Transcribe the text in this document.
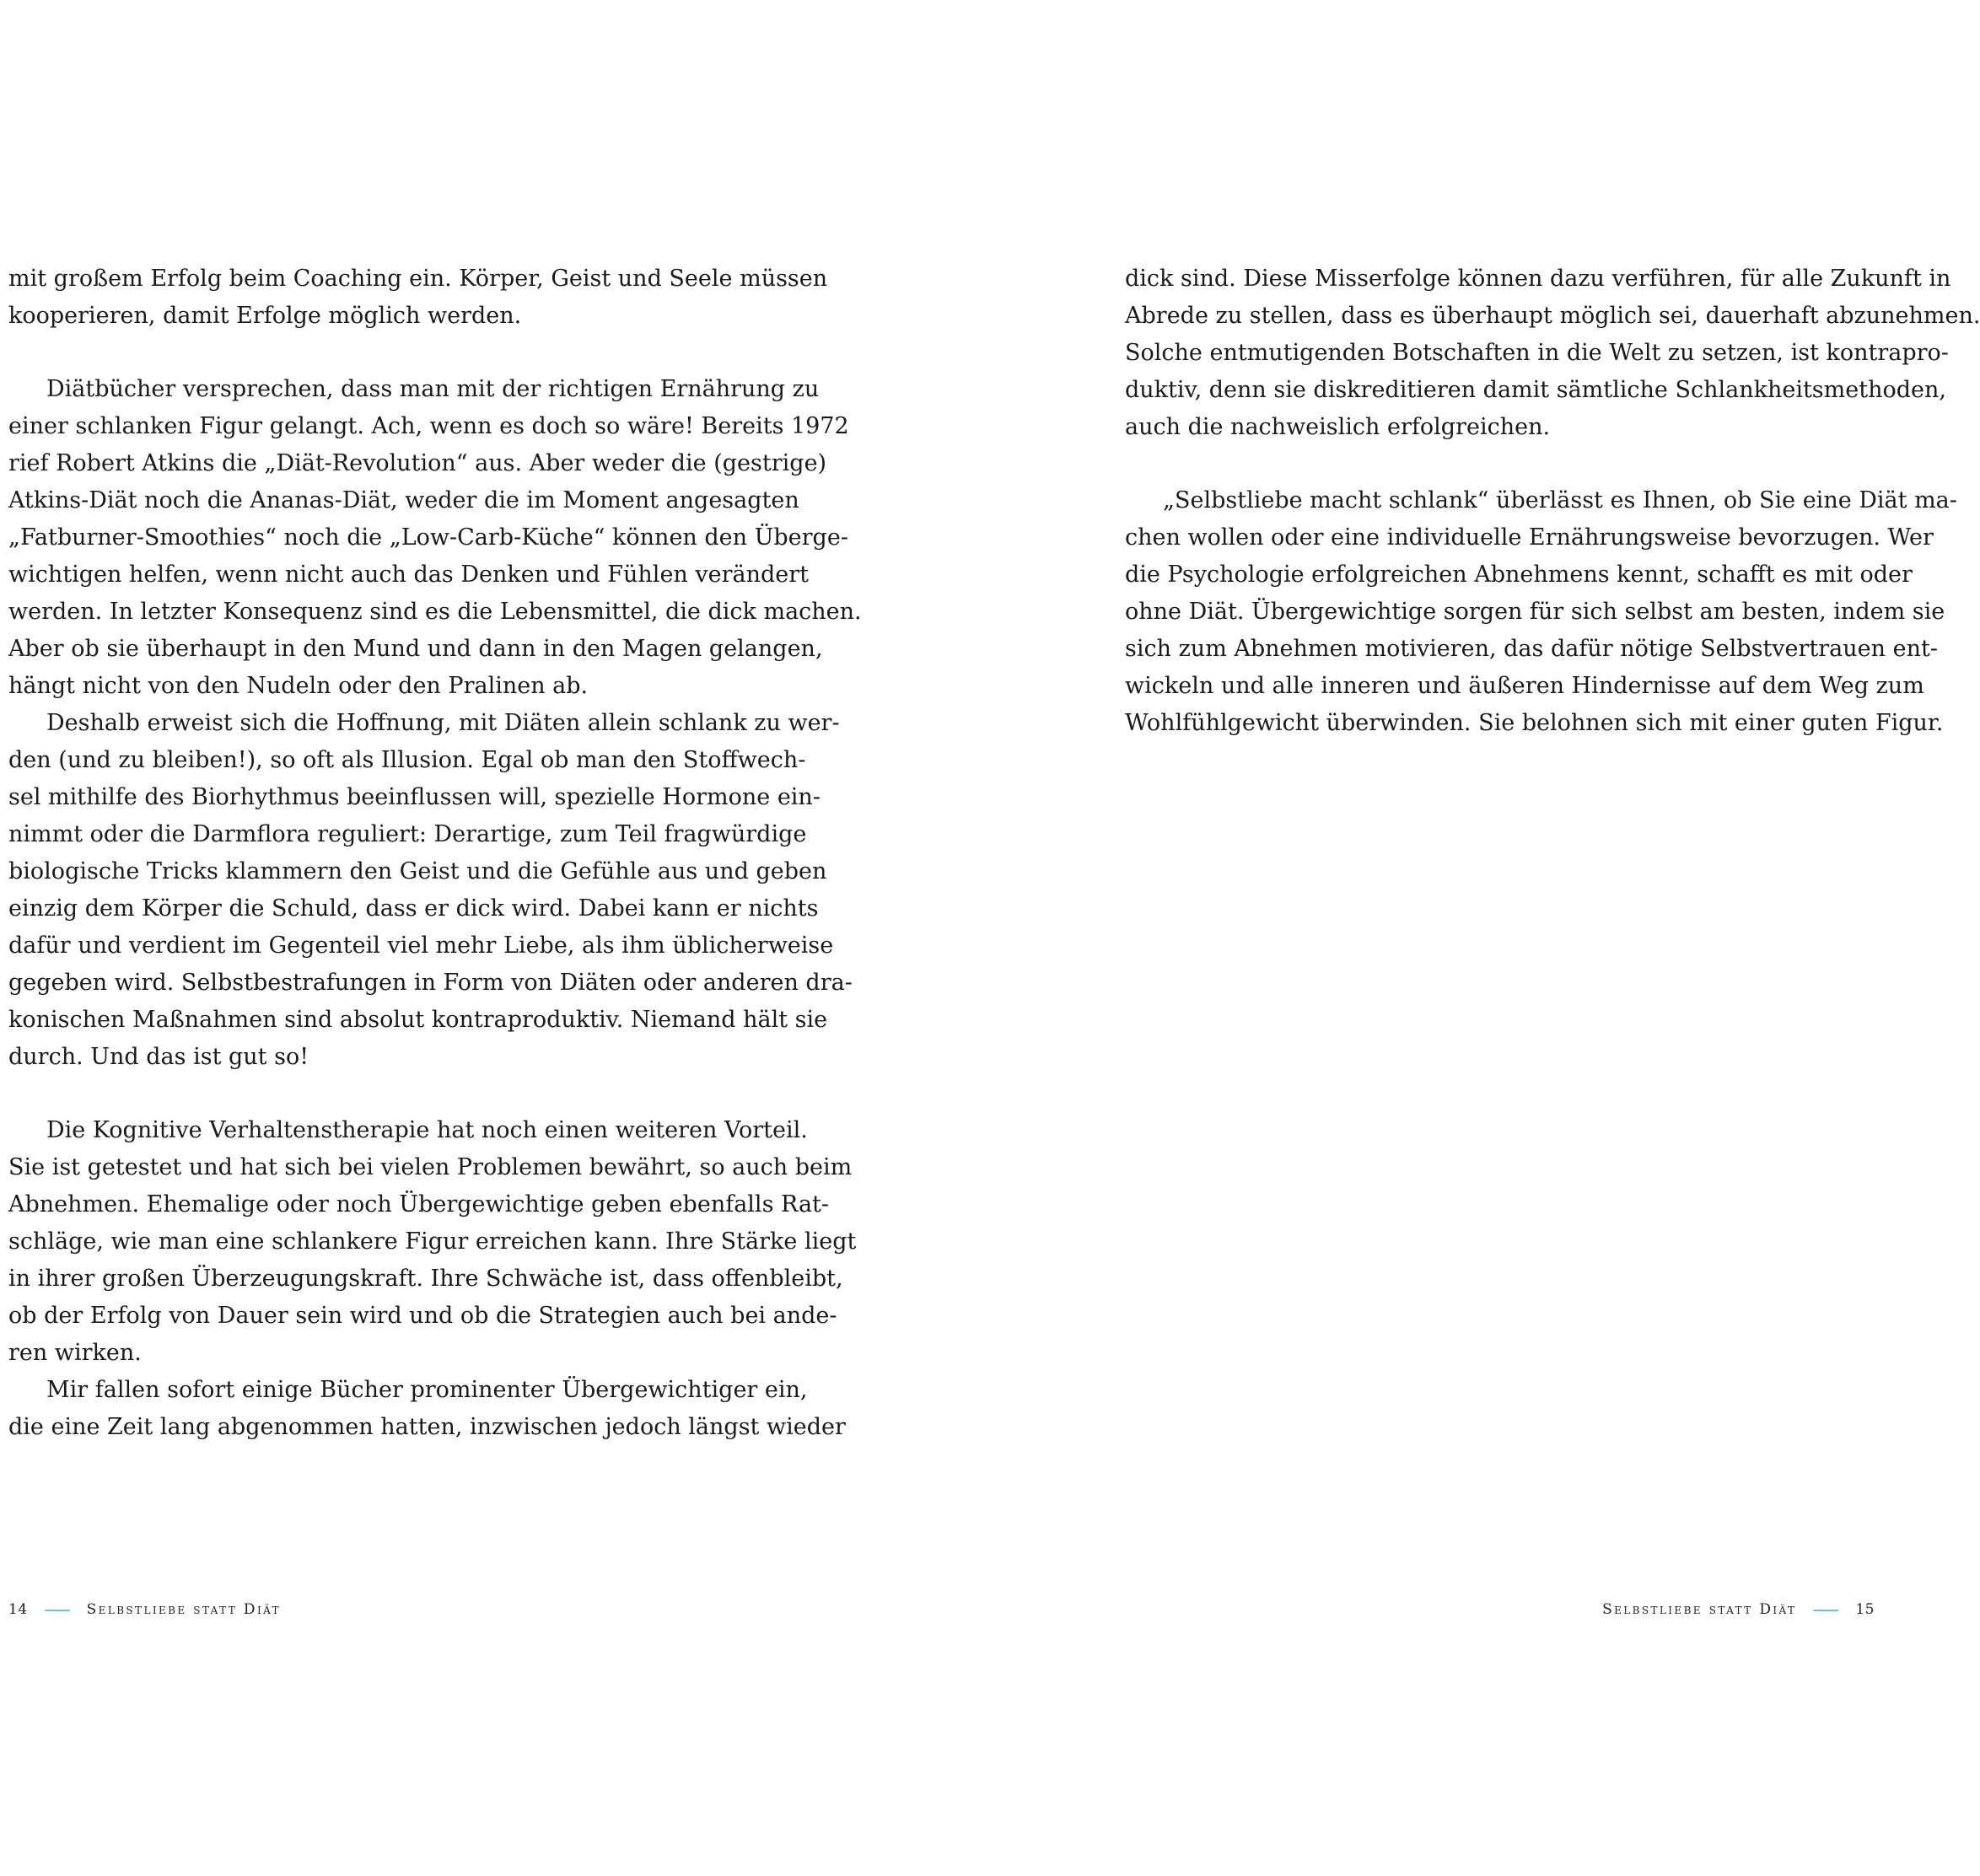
mit großem Erfolg beim Coaching ein. Körper, Geist und Seele müssen
kooperieren, damit Erfolge möglich werden.
Diätbücher versprechen, dass man mit der richtigen Ernährung zu
einer schlanken Figur gelangt. Ach, wenn es doch so wäre! Bereits 1972
rief Robert Atkins die „Diät-Revolution“ aus. Aber weder die (gestrige)
Atkins-Diät noch die Ananas-Diät, weder die im Moment angesagten
„Fatburner-Smoothies“ noch die „Low-Carb-Küche“ können den Überge-
wichtigen helfen, wenn nicht auch das Denken und Fühlen verändert
werden. In letzter Konsequenz sind es die Lebensmittel, die dick machen.
Aber ob sie überhaupt in den Mund und dann in den Magen gelangen,
hängt nicht von den Nudeln oder den Pralinen ab.
Deshalb erweist sich die Hoffnung, mit Diäten allein schlank zu wer-
den (und zu bleiben!), so oft als Illusion. Egal ob man den Stoffwech-
sel mithilfe des Biorhythmus beeinflussen will, spezielle Hormone ein-
nimmt oder die Darmflora reguliert: Derartige, zum Teil fragwürdige
biologische Tricks klammern den Geist und die Gefühle aus und geben
einzig dem Körper die Schuld, dass er dick wird. Dabei kann er nichts
dafür und verdient im Gegenteil viel mehr Liebe, als ihm üblicherweise
gegeben wird. Selbstbestrafungen in Form von Diäten oder anderen dra-
konischen Maßnahmen sind absolut kontraproduktiv. Niemand hält sie
durch. Und das ist gut so!
Die Kognitive Verhaltenstherapie hat noch einen weiteren Vorteil.
Sie ist getestet und hat sich bei vielen Problemen bewährt, so auch beim
Abnehmen. Ehemalige oder noch Übergewichtige geben ebenfalls Rat-
schläge, wie man eine schlankere Figur erreichen kann. Ihre Stärke liegt
in ihrer großen Überzeugungskraft. Ihre Schwäche ist, dass offenbleibt,
ob der Erfolg von Dauer sein wird und ob die Strategien auch bei ande-
ren wirken.
Mir fallen sofort einige Bücher prominenter Übergewichtiger ein,
die eine Zeit lang abgenommen hatten, inzwischen jedoch längst wieder
14	Selbstliebe statt Diät
dick sind. Diese Misserfolge können dazu verführen, für alle Zukunft in
Abrede zu stellen, dass es überhaupt möglich sei, dauerhaft abzunehmen.
Solche entmutigenden Botschaften in die Welt zu setzen, ist kontrapro-
duktiv, denn sie diskreditieren damit sämtliche Schlankheitsmethoden,
auch die nachweislich erfolgreichen.
„Selbstliebe macht schlank“ überlässt es Ihnen, ob Sie eine Diät ma-
chen wollen oder eine individuelle Ernährungsweise bevorzugen. Wer
die Psychologie erfolgreichen Abnehmens kennt, schafft es mit oder
ohne Diät. Übergewichtige sorgen für sich selbst am besten, indem sie
sich zum Abnehmen motivieren, das dafür nötige Selbstvertrauen ent-
wickeln und alle inneren und äußeren Hindernisse auf dem Weg zum
Wohlfühlgewicht überwinden. Sie belohnen sich mit einer guten Figur.
Selbstliebe statt Diät	15
